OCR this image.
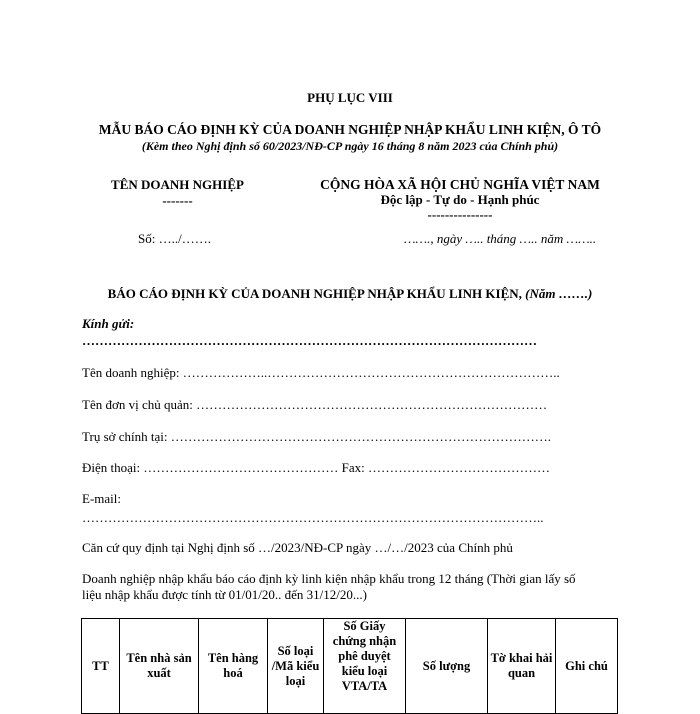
PHỤ LỤC VIII
MẪU BÁO CÁO ĐỊNH KỲ CỦA DOANH NGHIỆP NHẬP KHẨU LINH KIỆN, Ô TÔ
(Kèm theo Nghị định số 60/2023/NĐ-CP ngày 16 tháng 8 năm 2023 của Chính phủ)
TÊN DOANH NGHIỆP
-------
Số: …../…….
CỘNG HÒA XÃ HỘI CHỦ NGHĨA VIỆT NAM
Độc lập - Tự do - Hạnh phúc
---------------
……., ngày ….. tháng ….. năm ……..
BÁO CÁO ĐỊNH KỲ CỦA DOANH NGHIỆP NHẬP KHẨU LINH KIỆN, (Năm …….)
Kính gửi:
……………………………………………………………………………………………
Tên doanh nghiệp: ………………..…………………………………………………………..
Tên đơn vị chủ quản: ………………………………………………………………………
Trụ sở chính tại: …………………………………………………………………………….
Điện thoại: ……………………………………… Fax: ……………………………………
E-mail:
……………………………………………………………………………………………..
Căn cứ quy định tại Nghị định số …/2023/NĐ-CP ngày …/…/2023 của Chính phủ
Doanh nghiệp nhập khẩu báo cáo định kỳ linh kiện nhập khẩu trong 12 tháng (Thời gian lấy số
liệu nhập khẩu được tính từ 01/01/20.. đến 31/12/20...)
TT	Tên nhà sản xuất	Tên hàng hoá	Số loại /Mã kiểu loại	Số Giấy chứng nhận phê duyệt kiểu loại VTA/TA	Số lượng	Tờ khai hải quan	Ghi chú
